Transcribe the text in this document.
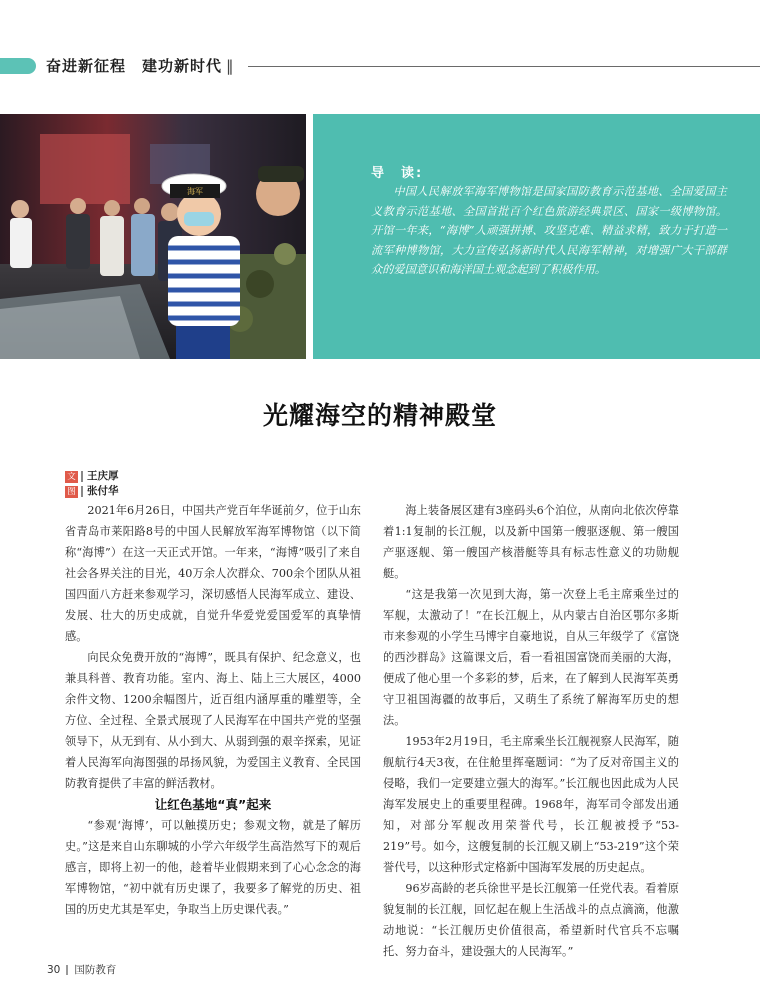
奋进新征程　建功新时代 ‖
海军
导　读:
中国人民解放军海军博物馆是国家国防教育示范基地、全国爱国主义教育示范基地、全国首批百个红色旅游经典景区、国家一级博物馆。开馆一年来，“海博”人顽强拼搏、攻坚克难、精益求精，致力于打造一流军种博物馆，大力宣传弘扬新时代人民海军精神，对增强广大干部群众的爱国意识和海洋国土观念起到了积极作用。
光耀海空的精神殿堂
文 王庆厚
图 张付华

2021年6月26日，中国共产党百年华诞前夕，位于山东省青岛市莱阳路8号的中国人民解放军海军博物馆（以下简称“海博”）在这一天正式开馆。一年来，“海博”吸引了来自社会各界关注的目光，40万余人次群众、700余个团队从祖国四面八方赶来参观学习，深切感悟人民海军成立、建设、发展、壮大的历史成就，自觉升华爱党爱国爱军的真挚情感。

向民众免费开放的“海博”，既具有保护、纪念意义，也兼具科普、教育功能。室内、海上、陆上三大展区，4000余件文物、1200余幅图片，近百组内涵厚重的雕塑等，全方位、全过程、全景式展现了人民海军在中国共产党的坚强领导下，从无到有、从小到大、从弱到强的艰辛探索，见证着人民海军向海图强的昂扬风貌，为爱国主义教育、全民国防教育提供了丰富的鲜活教材。

让红色基地“真”起来

“参观‘海博’，可以触摸历史；参观文物，就是了解历史。”这是来自山东聊城的小学六年级学生高浩然写下的观后感言，即将上初一的他，趁着毕业假期来到了心心念念的海军博物馆，“初中就有历史课了，我要多了解党的历史、祖国的历史尤其是军史，争取当上历史课代表。”

海上装备展区建有3座码头6个泊位，从南向北依次停靠着1:1复制的长江舰，以及新中国第一艘驱逐舰、第一艘国产驱逐舰、第一艘国产核潜艇等具有标志性意义的功勋舰艇。

“这是我第一次见到大海，第一次登上毛主席乘坐过的军舰，太激动了！”在长江舰上，从内蒙古自治区鄂尔多斯市来参观的小学生马博宇自豪地说，自从三年级学了《富饶的西沙群岛》这篇课文后，看一看祖国富饶而美丽的大海，便成了他心里一个多彩的梦，后来，在了解到人民海军英勇守卫祖国海疆的故事后，又萌生了系统了解海军历史的想法。

1953年2月19日，毛主席乘坐长江舰视察人民海军，随舰航行4天3夜，在住舱里挥毫题词：“为了反对帝国主义的侵略，我们一定要建立强大的海军。”长江舰也因此成为人民海军发展史上的重要里程碑。1968年，海军司令部发出通知，对部分军舰改用荣誉代号，长江舰被授予“53-219”号。如今，这艘复制的长江舰又刷上“53-219”这个荣誉代号，以这种形式定格新中国海军发展的历史起点。

96岁高龄的老兵徐世平是长江舰第一任党代表。看着原貌复制的长江舰，回忆起在舰上生活战斗的点点滴滴，他激动地说：“长江舰历史价值很高，希望新时代官兵不忘嘱托、努力奋斗，建设强大的人民海军。”

30 国防教育
